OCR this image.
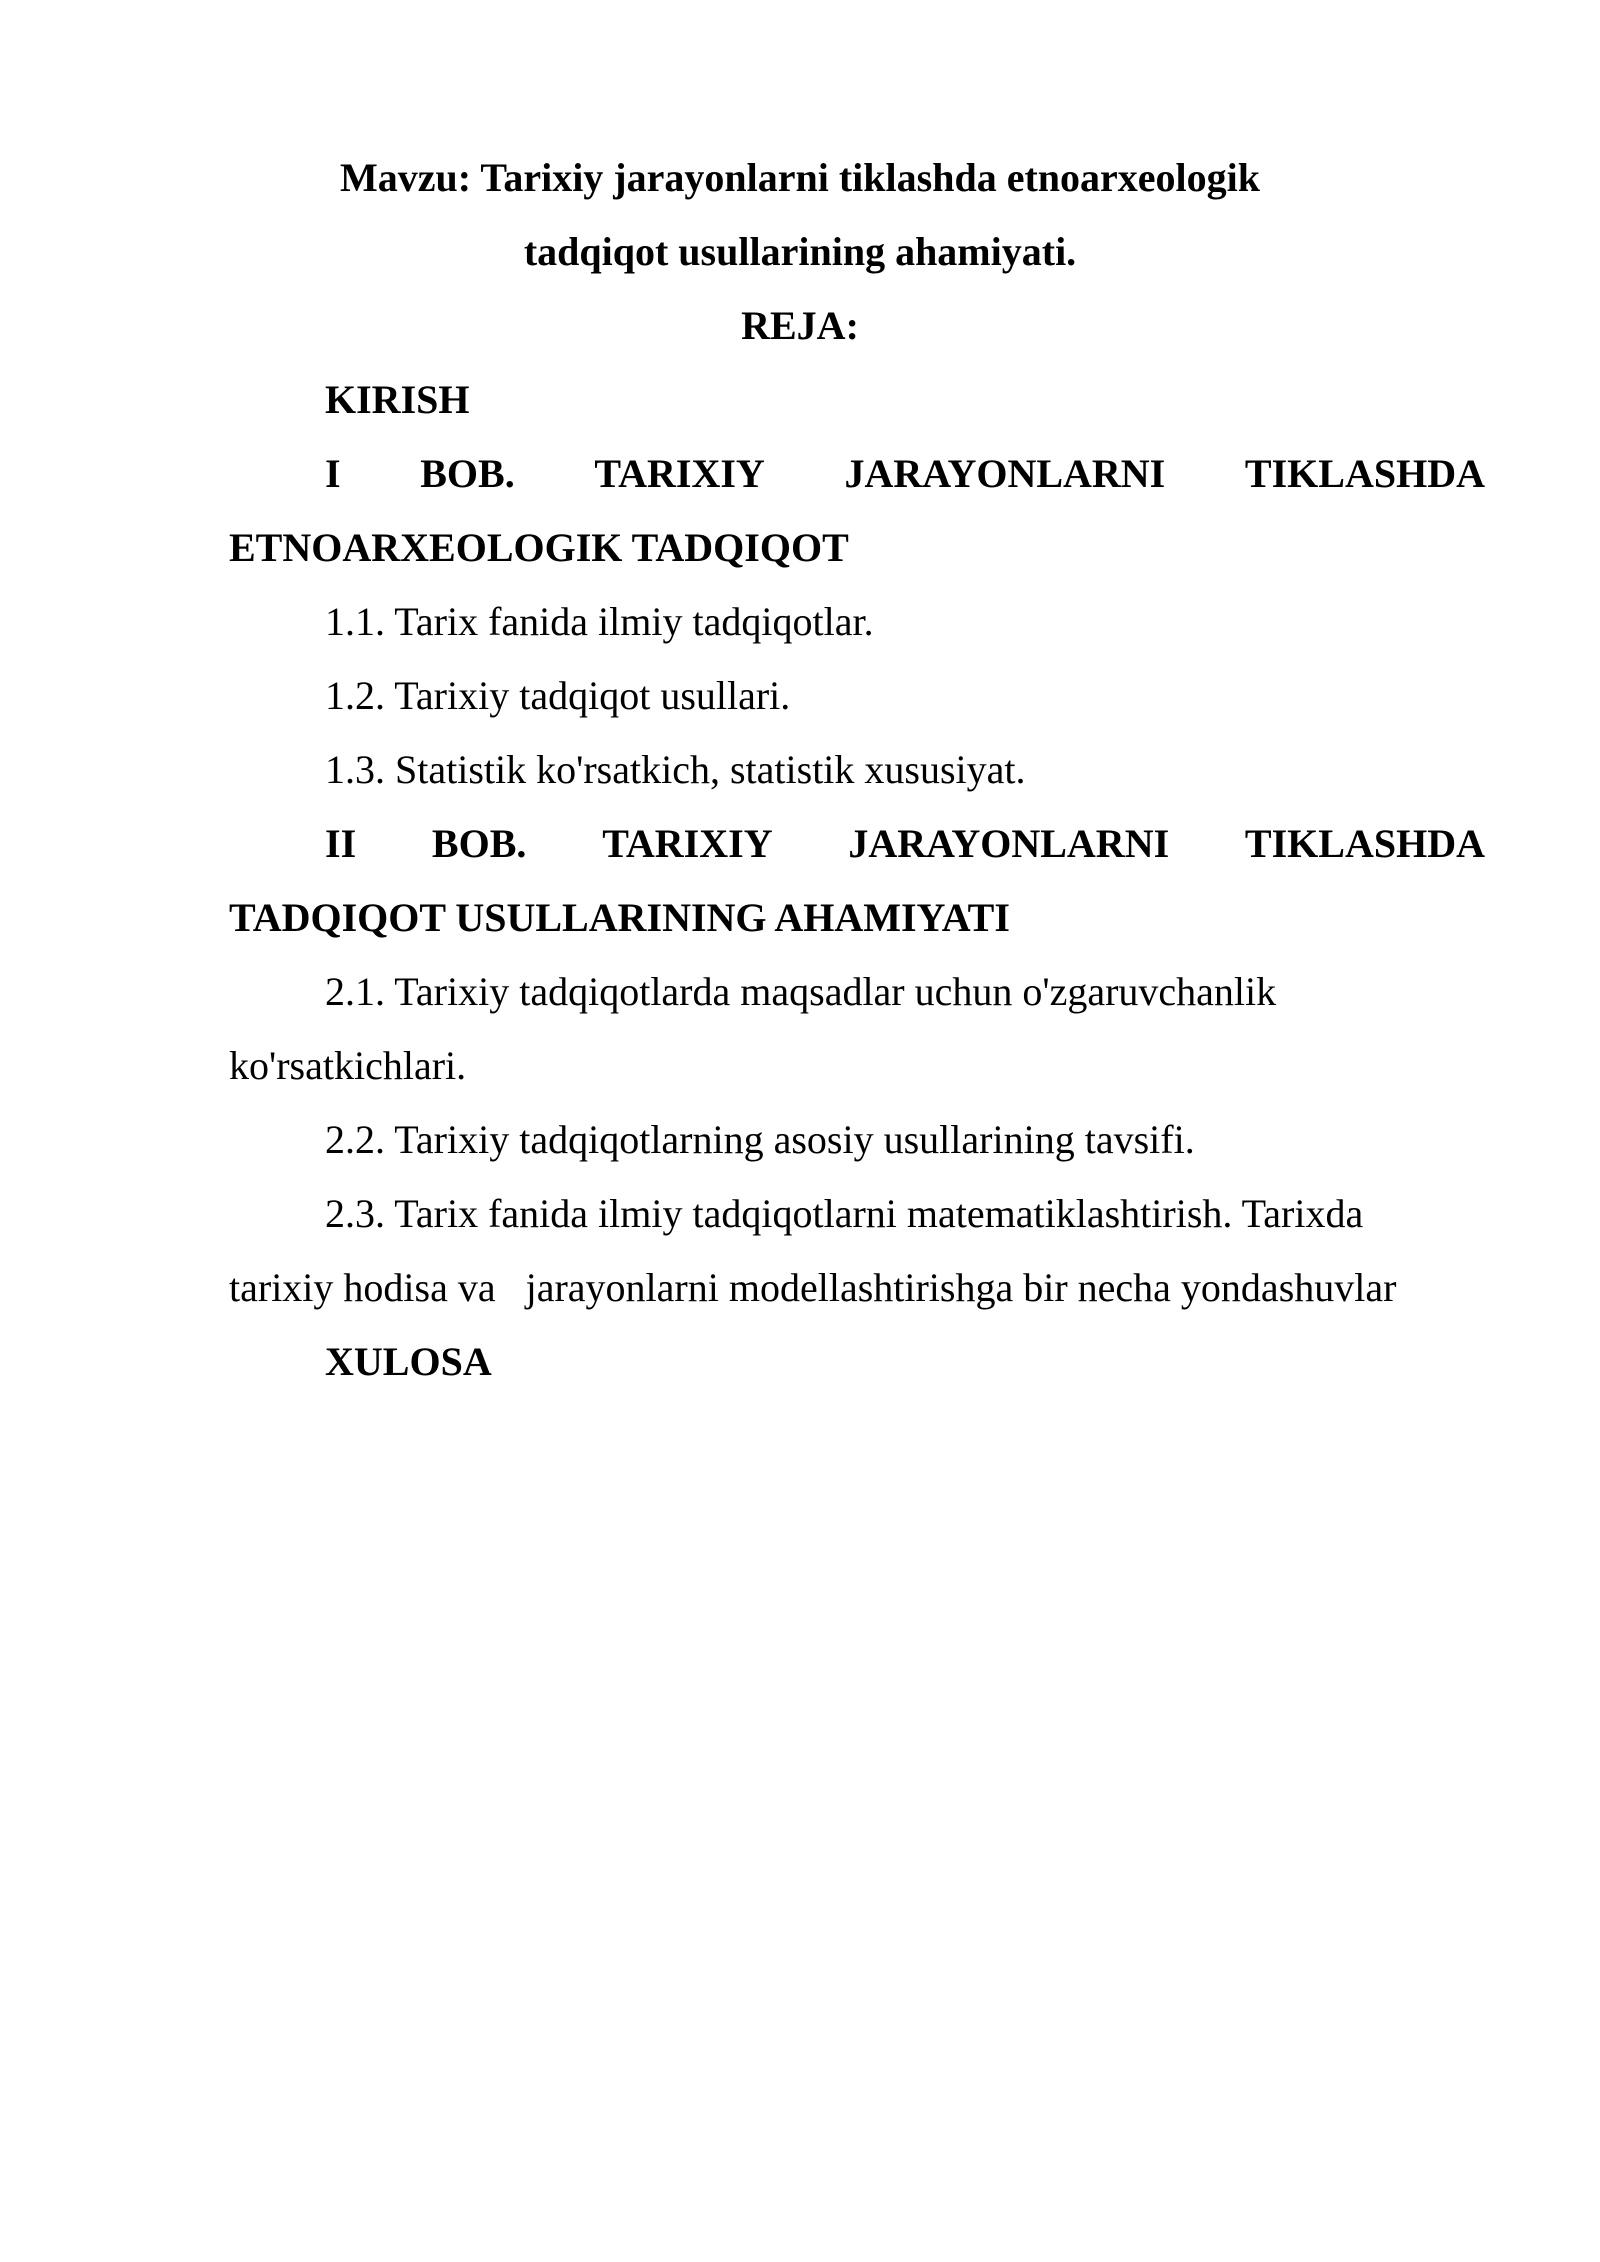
Mavzu: Tarixiy jarayonlarni tiklashda etnoarxeologik
tadqiqot usullarining ahamiyati.
REJA:
KIRISH
I BOB. TARIXIY JARAYONLARNI TIKLASHDA
ETNOARXEOLOGIK TADQIQOT
1.1. Tarix fanida ilmiy tadqiqotlar.
1.2. Tarixiy tadqiqot usullari.
1.3. Statistik ko'rsatkich, statistik xususiyat.
II BOB. TARIXIY JARAYONLARNI TIKLASHDA
TADQIQOT USULLARINING AHAMIYATI
2.1. Tarixiy tadqiqotlarda maqsadlar uchun o'zgaruvchanlik
ko'rsatkichlari.
2.2. Tarixiy tadqiqotlarning asosiy usullarining tavsifi.
2.3. Tarix fanida ilmiy tadqiqotlarni matematiklashtirish. Tarixda
tarixiy hodisa va   jarayonlarni modellashtirishga bir necha yondashuvlar
XULOSA
